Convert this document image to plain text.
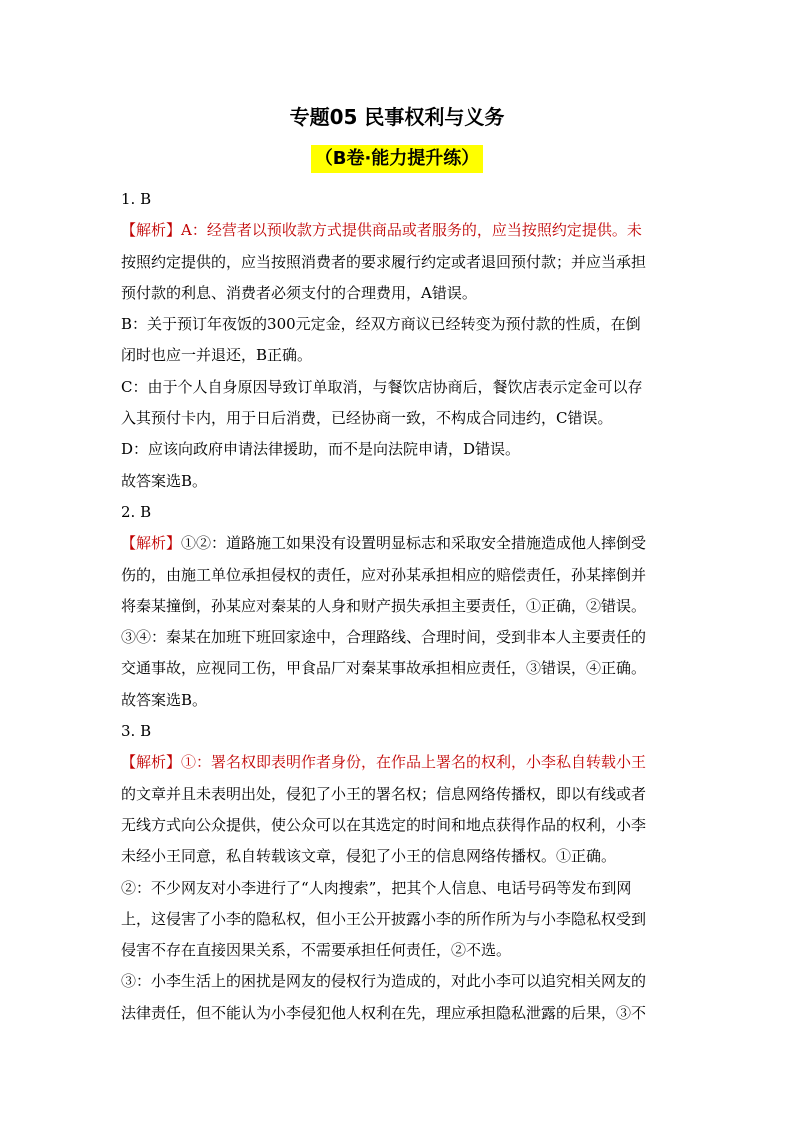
专题05 民事权利与义务
（B卷·能力提升练）
1. B
【解析】A：经营者以预收款方式提供商品或者服务的，应当按照约定提供。未
按照约定提供的，应当按照消费者的要求履行约定或者退回预付款；并应当承担
预付款的利息、消费者必须支付的合理费用，A错误。
B：关于预订年夜饭的300元定金，经双方商议已经转变为预付款的性质，在倒
闭时也应一并退还，B正确。
C：由于个人自身原因导致订单取消，与餐饮店协商后，餐饮店表示定金可以存
入其预付卡内，用于日后消费，已经协商一致，不构成合同违约，C错误。
D：应该向政府申请法律援助，而不是向法院申请，D错误。
故答案选B。
2. B
【解析】①②：道路施工如果没有设置明显标志和采取安全措施造成他人摔倒受
伤的，由施工单位承担侵权的责任，应对孙某承担相应的赔偿责任，孙某摔倒并
将秦某撞倒，孙某应对秦某的人身和财产损失承担主要责任，①正确，②错误。
③④：秦某在加班下班回家途中，合理路线、合理时间，受到非本人主要责任的
交通事故，应视同工伤，甲食品厂对秦某事故承担相应责任，③错误，④正确。
故答案选B。
3. B
【解析】①：署名权即表明作者身份，在作品上署名的权利，小李私自转载小王
的文章并且未表明出处，侵犯了小王的署名权；信息网络传播权，即以有线或者
无线方式向公众提供，使公众可以在其选定的时间和地点获得作品的权利，小李
未经小王同意，私自转载该文章，侵犯了小王的信息网络传播权。①正确。
②：不少网友对小李进行了“人肉搜索”，把其个人信息、电话号码等发布到网
上，这侵害了小李的隐私权，但小王公开披露小李的所作所为与小李隐私权受到
侵害不存在直接因果关系，不需要承担任何责任，②不选。
③：小李生活上的困扰是网友的侵权行为造成的，对此小李可以追究相关网友的
法律责任，但不能认为小李侵犯他人权利在先，理应承担隐私泄露的后果，③不
